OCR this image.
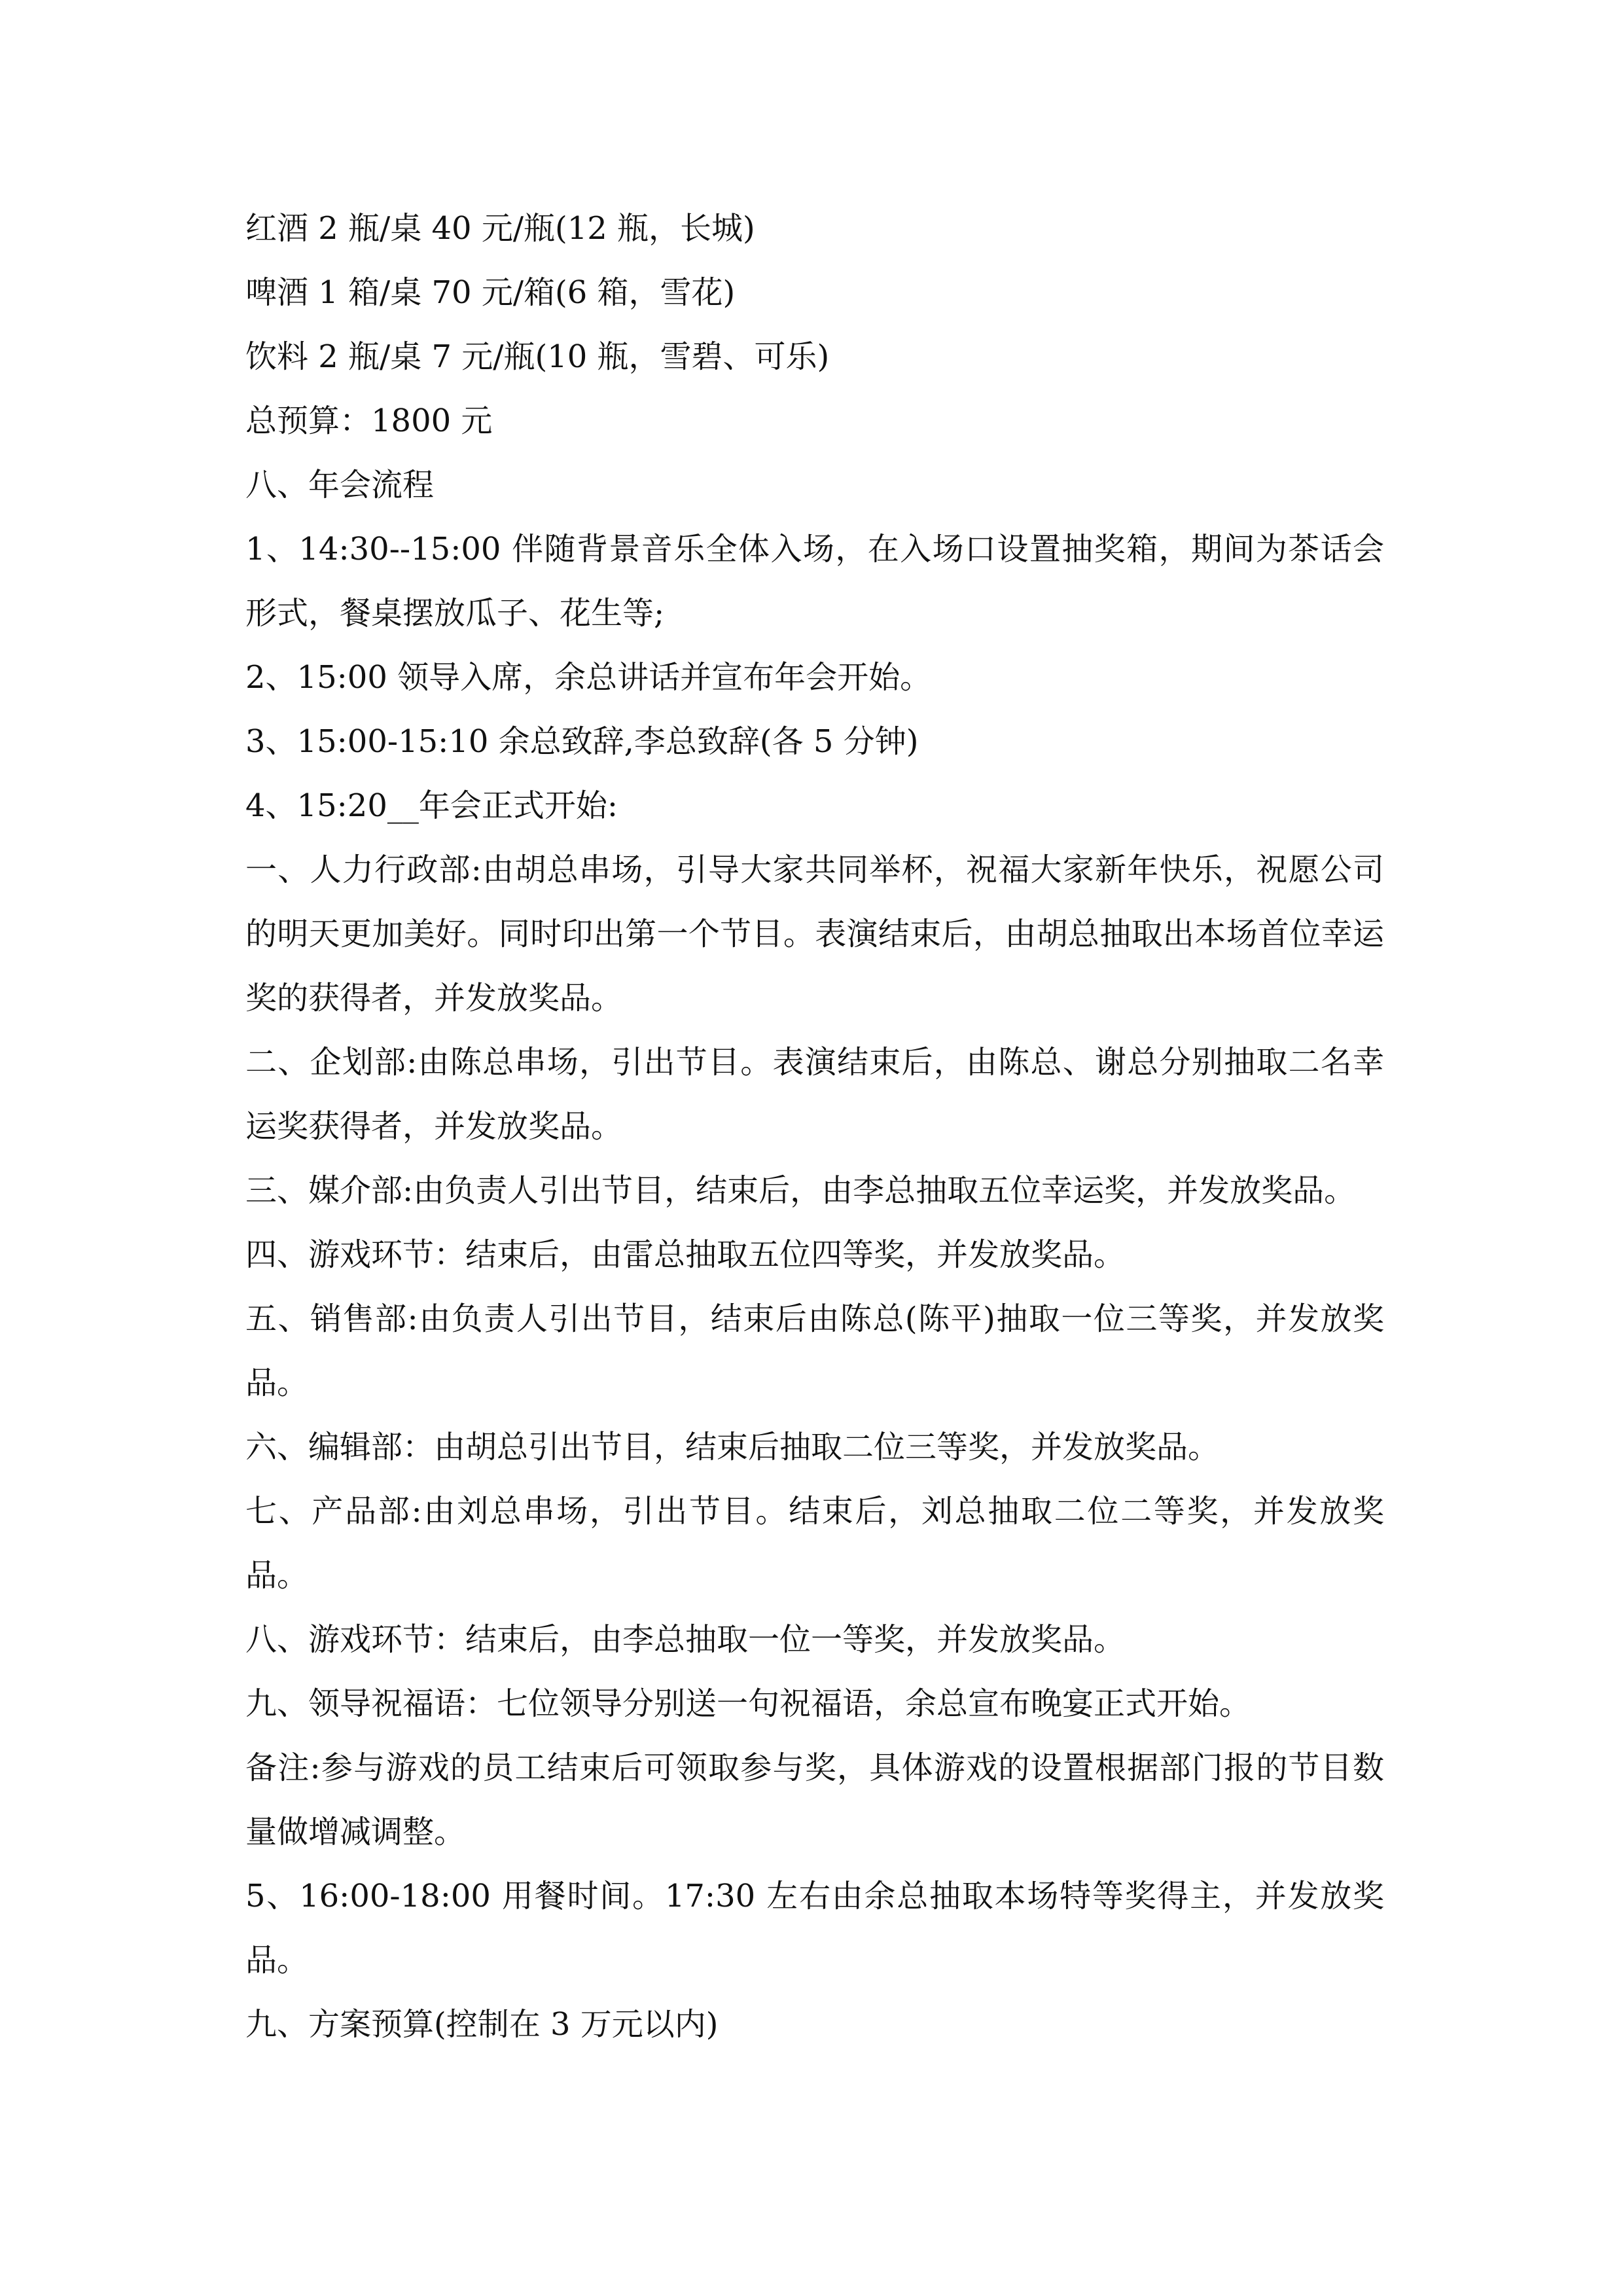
红酒 2 瓶/桌 40 元/瓶(12 瓶，长城)

啤酒 1 箱/桌 70 元/箱(6 箱，雪花)

饮料 2 瓶/桌 7 元/瓶(10 瓶，雪碧、可乐)

总预算：1800 元

八、年会流程

1、14:30--15:00 伴随背景音乐全体入场，在入场口设置抽奖箱，期间为茶话会形式，餐桌摆放瓜子、花生等;

2、15:00 领导入席，余总讲话并宣布年会开始。

3、15:00-15:10 余总致辞,李总致辞(各 5 分钟)

4、15:20__年会正式开始:

一、人力行政部:由胡总串场，引导大家共同举杯，祝福大家新年快乐，祝愿公司的明天更加美好。同时印出第一个节目。表演结束后，由胡总抽取出本场首位幸运奖的获得者，并发放奖品。

二、企划部:由陈总串场，引出节目。表演结束后，由陈总、谢总分别抽取二名幸运奖获得者，并发放奖品。

三、媒介部:由负责人引出节目，结束后，由李总抽取五位幸运奖，并发放奖品。

四、游戏环节：结束后，由雷总抽取五位四等奖，并发放奖品。

五、销售部:由负责人引出节目，结束后由陈总(陈平)抽取一位三等奖，并发放奖品。

六、编辑部：由胡总引出节目，结束后抽取二位三等奖，并发放奖品。

七、产品部:由刘总串场，引出节目。结束后，刘总抽取二位二等奖，并发放奖品。

八、游戏环节：结束后，由李总抽取一位一等奖，并发放奖品。

九、领导祝福语：七位领导分别送一句祝福语，余总宣布晚宴正式开始。

备注:参与游戏的员工结束后可领取参与奖，具体游戏的设置根据部门报的节目数量做增减调整。

5、16:00-18:00 用餐时间。17:30 左右由余总抽取本场特等奖得主，并发放奖品。

九、方案预算(控制在 3 万元以内)
